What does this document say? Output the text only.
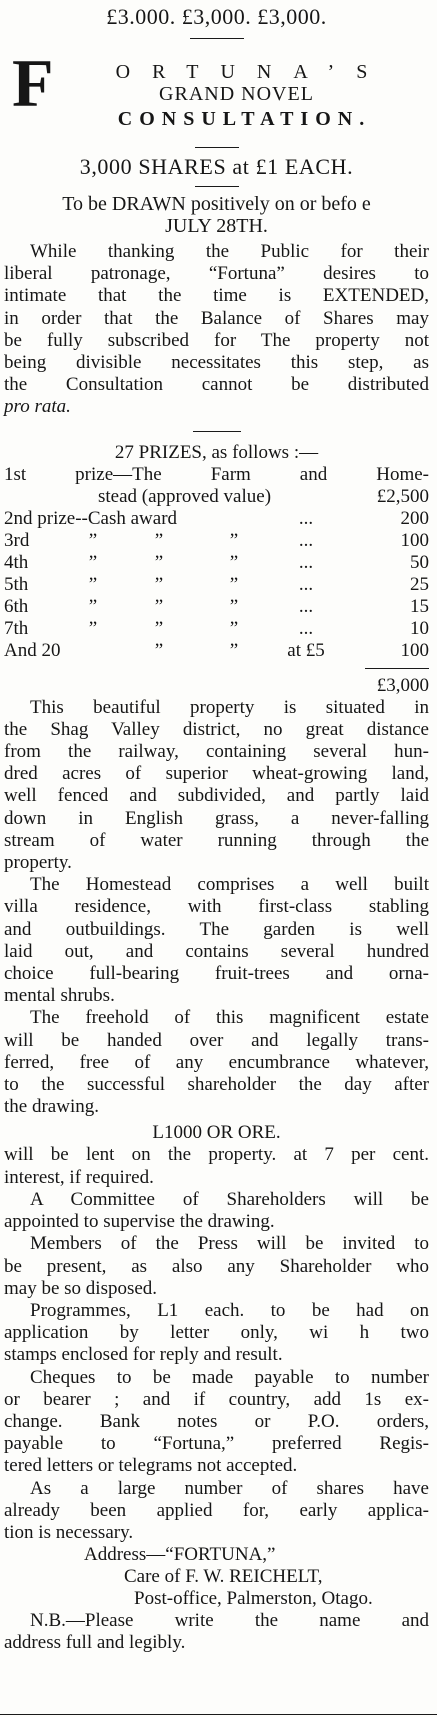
£3.000. £3,000. £3,000.
F	ORTUNA’S
GRAND NOVEL
CONSULTATION.
3,000 SHARES at £1 EACH.
To be DRAWN positively on or befo e
JULY 28TH.
While thanking the Public for their
liberal patronage, “Fortuna” desires to
intimate that the time is EXTENDED,
in order that the Balance of Shares may
be fully subscribed for The property not
being divisible necessitates this step, as
the Consultation cannot be distributed
pro rata.
27 PRIZES, as follows :—
1st prize—The Farm and Home-					
	stead (approved value)				£2,500
2nd prize--Cash award				...	200
3rd	”	”	”	...	100
4th	”	”	”	...	50
5th	”	”	”	...	25
6th	”	”	”	...	15
7th	”	”	”	...	10
And 20		”	”	at £5	100
£3,000
This beautiful property is situated in
the Shag Valley district, no great distance
from the railway, containing several hun-
dred acres of superior wheat-growing land,
well fenced and subdivided, and partly laid
down in English grass, a never-falling
stream of water running through the
property.
The Homestead comprises a well built
villa residence, with first-class stabling
and outbuildings. The garden is well
laid out, and contains several hundred
choice full-bearing fruit-trees and orna-
mental shrubs.
The freehold of this magnificent estate
will be handed over and legally trans-
ferred, free of any encumbrance whatever,
to the successful shareholder the day after
the drawing.
L1000 OR ORE.
will be lent on the property. at 7 per cent.
interest, if required.
A Committee of Shareholders will be
appointed to supervise the drawing.
Members of the Press will be invited to
be present, as also any Shareholder who
may be so disposed.
Programmes, L1 each. to be had on
application by letter only, wi h two
stamps enclosed for reply and result.
Cheques to be made payable to number
or bearer ; and if country, add 1s ex-
change. Bank notes or P.O. orders,
payable to “Fortuna,” preferred Regis-
tered letters or telegrams not accepted.
As a large number of shares have
already been applied for, early applica-
tion is necessary.
Address—“FORTUNA,”
Care of F. W. REICHELT,
Post-office, Palmerston, Otago.
N.B.—Please write the name and
address full and legibly.
